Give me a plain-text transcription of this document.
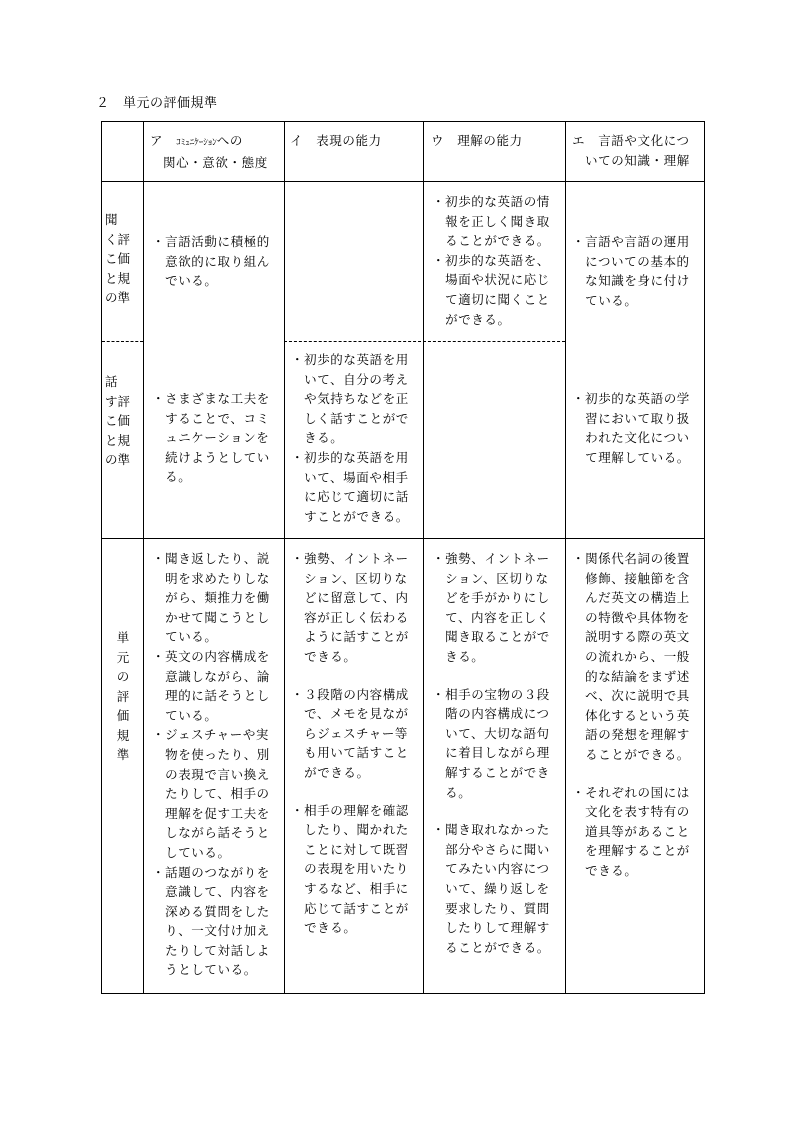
２　単元の評価規準
ア　ｺﾐｭﾆｹｰｼｮﾝへの
関心・意欲・態度
イ　表現の能力	ウ　理解の能力	エ　言語や文化につ
いての知識・理解
聞
く評
こ価
と規
の準
話
す評
こ価
と規
の準
単
元
の
評
価
規
準
・言語活動に積極的
　意欲的に取り組ん
　でいる。
・初歩的な英語の情
　報を正しく聞き取
　ることができる。
・初歩的な英語を、
　場面や状況に応じ
　て適切に聞くこと
　ができる。
・言語や言語の運用
　についての基本的
　な知識を身に付け
　ている。
・初歩的な英語を用
　いて、自分の考え
　や気持ちなどを正
　しく話すことがで
　きる。
・初歩的な英語を用
　いて、場面や相手
　に応じて適切に話
　すことができる。
・さまざまな工夫を
　することで、コミ
　ュニケーションを
　続けようとしてい
　る。
・初歩的な英語の学
　習において取り扱
　われた文化につい
　て理解している。
・聞き返したり、説
　明を求めたりしな
　がら、類推力を働
　かせて聞こうとし
　ている。
・英文の内容構成を
　意識しながら、論
　理的に話そうとし
　ている。
・ジェスチャーや実
　物を使ったり、別
　の表現で言い換え
　たりして、相手の
　理解を促す工夫を
　しながら話そうと
　している。
・話題のつながりを
　意識して、内容を
　深める質問をした
　り、一文付け加え
　たりして対話しよ
　うとしている。
・強勢、イントネー
　ション、区切りな
　どに留意して、内
　容が正しく伝わる
　ように話すことが
　できる。
・３段階の内容構成
　で、メモを見なが
　らジェスチャー等
　も用いて話すこと
　ができる。
・相手の理解を確認
　したり、聞かれた
　ことに対して既習
　の表現を用いたり
　するなど、相手に
　応じて話すことが
　できる。
・強勢、イントネー
　ション、区切りな
　どを手がかりにし
　て、内容を正しく
　聞き取ることがで
　きる。
・相手の宝物の３段
　階の内容構成につ
　いて、大切な語句
　に着目しながら理
　解することができ
　る。
・聞き取れなかった
　部分やさらに聞い
　てみたい内容につ
　いて、繰り返しを
　要求したり、質問
　したりして理解す
　ることができる。
・関係代名詞の後置
　修飾、接触節を含
　んだ英文の構造上
　の特徴や具体物を
　説明する際の英文
　の流れから、一般
　的な結論をまず述
　べ、次に説明で具
　体化するという英
　語の発想を理解す
　ることができる。
・それぞれの国には
　文化を表す特有の
　道具等があること
　を理解することが
　できる。
